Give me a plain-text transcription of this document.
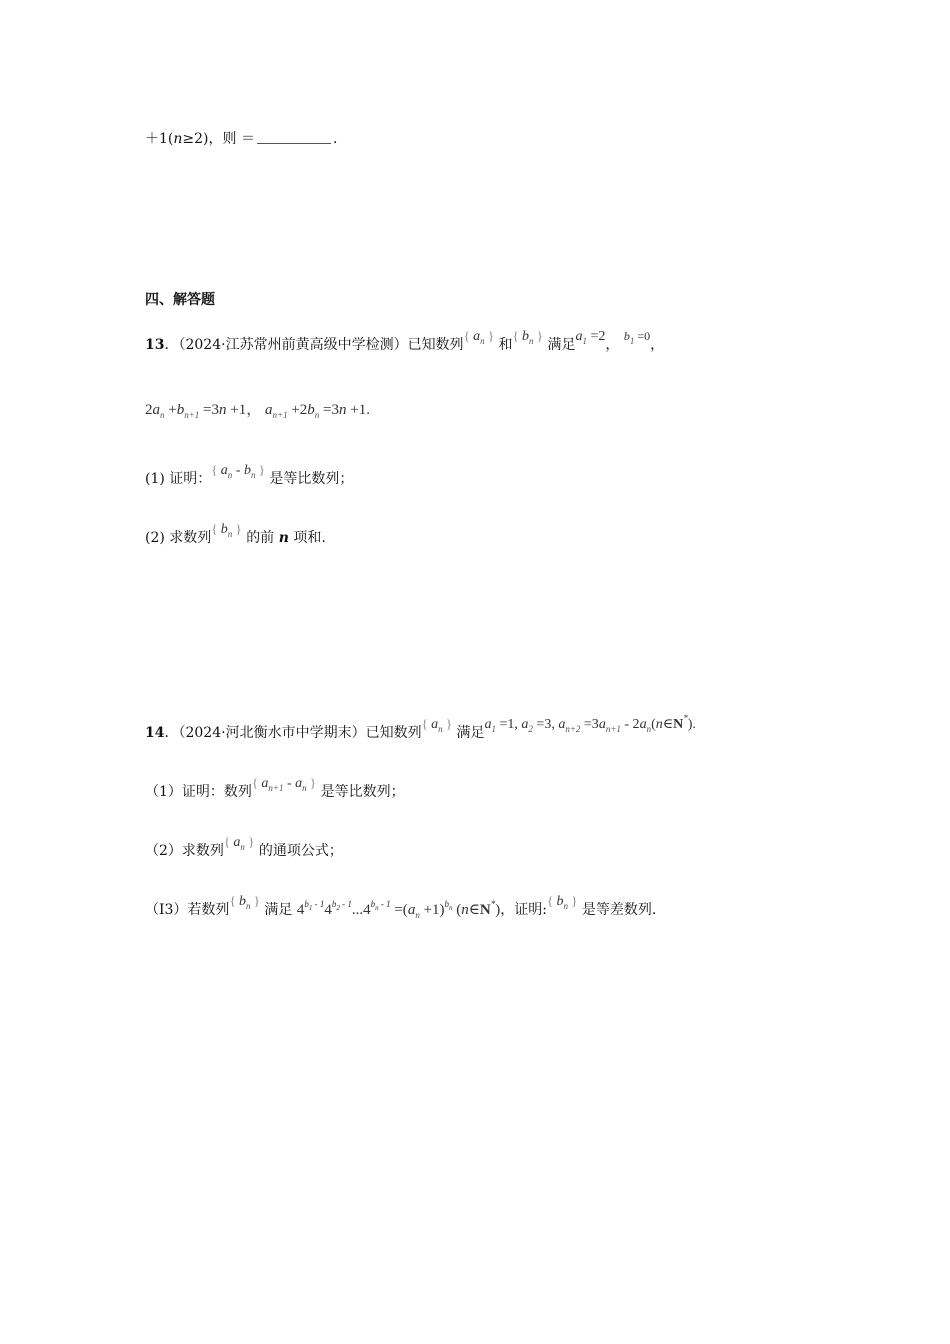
＋1(n≥2)，则 ＝	.
四、解答题
13．（2024·江苏常州前黄高级中学检测）已知数列{ $a_n$ } 和{ $b_n$ } 满足$a_1 =2$， $b_1 =0$，
$2a_n +b_{n+1} =3n +1$， $a_{n+1} +2b_n =3n +1$.
(1) 证明：{ $a_n - b_n$ } 是等比数列；
(2) 求数列{ $b_n$ } 的前 n 项和.
14．（2024·河北衡水市中学期末）已知数列{ $a_n$ } 满足$a_1 =1$, $a_2 =3$, $a_{n+2} =3a_{n+1}$ - $2a_n(n\in N^*)$.
（1）证明：数列{ $a_{n+1} - a_n$ } 是等比数列；
（2）求数列{ $a_n$ } 的通项公式；
（I3）若数列{ $b_n$ } 满足 $4^{b_1 - 1}4^{b_2 - 1}...4^{b_n - 1} =(a_n +1)^{b_n}$ (n∈N*)，证明:{ $b_n$ } 是等差数列.
